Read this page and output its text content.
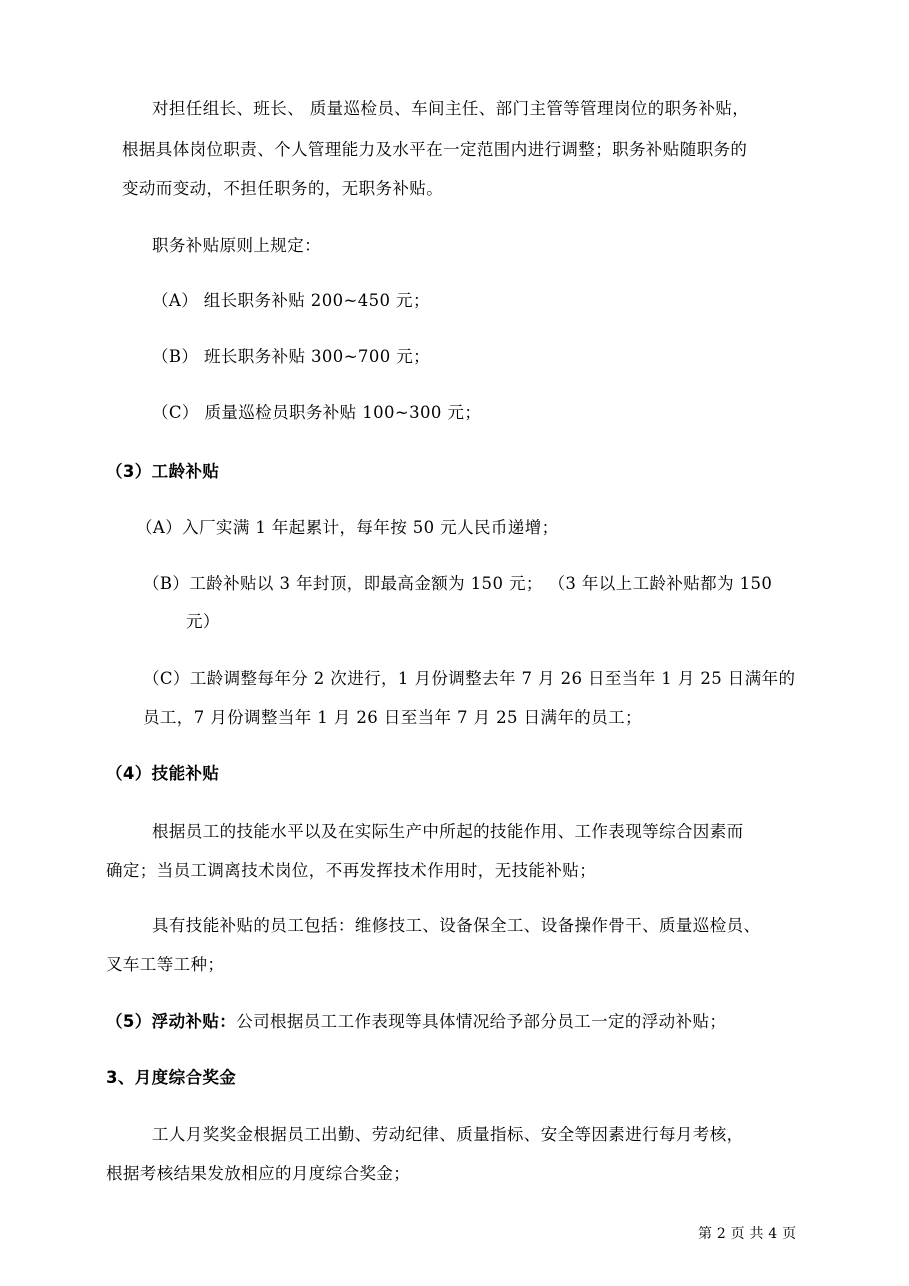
对担任组长、班长、 质量巡检员、车间主任、部门主管等管理岗位的职务补贴，
根据具体岗位职责、个人管理能力及水平在一定范围内进行调整；职务补贴随职务的
变动而变动，不担任职务的，无职务补贴。
职务补贴原则上规定：
（A） 组长职务补贴 200~450 元；
（B） 班长职务补贴 300~700 元；
（C） 质量巡检员职务补贴 100~300 元；
（3）工龄补贴
（A）入厂实满 1 年起累计，每年按 50 元人民币递增；
（B）工龄补贴以 3 年封顶，即最高金额为 150 元； （3 年以上工龄补贴都为 150
元）
（C）工龄调整每年分 2 次进行，1 月份调整去年 7 月 26 日至当年 1 月 25 日满年的
员工，7 月份调整当年 1 月 26 日至当年 7 月 25 日满年的员工；
（4）技能补贴
根据员工的技能水平以及在实际生产中所起的技能作用、工作表现等综合因素而
确定；当员工调离技术岗位，不再发挥技术作用时，无技能补贴；
具有技能补贴的员工包括：维修技工、设备保全工、设备操作骨干、质量巡检员、
叉车工等工种；
（5）浮动补贴：公司根据员工工作表现等具体情况给予部分员工一定的浮动补贴；
3、月度综合奖金
工人月奖奖金根据员工出勤、劳动纪律、质量指标、安全等因素进行每月考核，
根据考核结果发放相应的月度综合奖金；
第 2 页 共 4 页
